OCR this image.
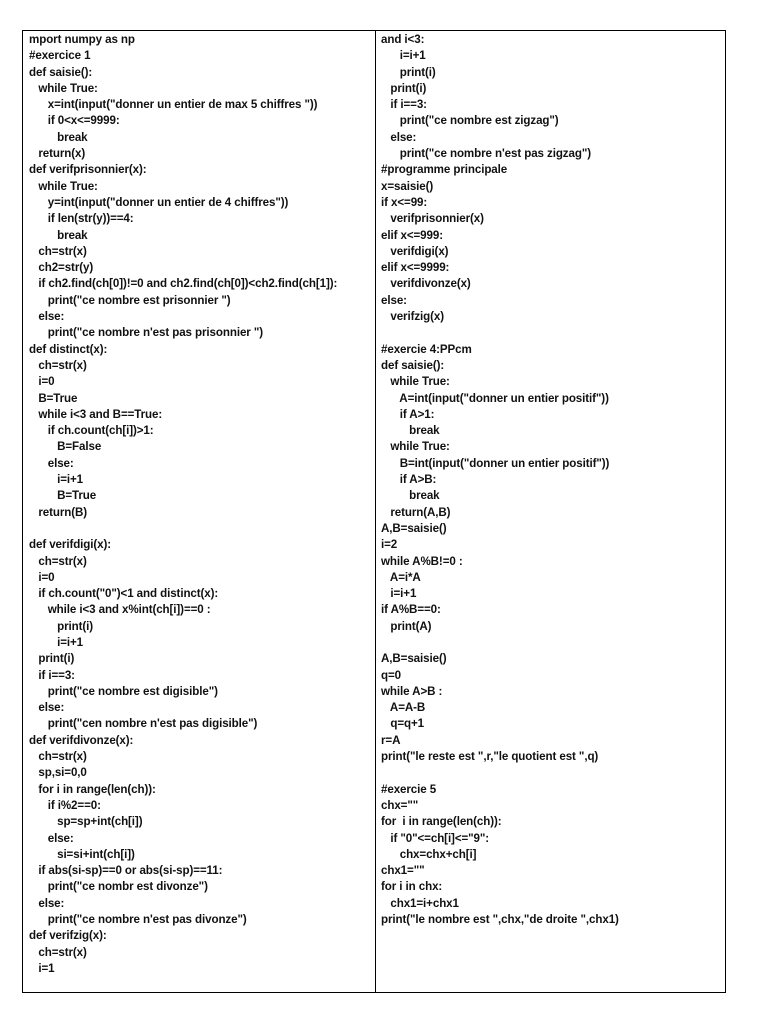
mport numpy as np
#exercice 1
def saisie():
while True:
x=int(input("donner un entier de max 5 chiffres "))
if 0<x<=9999:
break
return(x)
def verifprisonnier(x):
while True:
y=int(input("donner un entier de 4 chiffres"))
if len(str(y))==4:
break
ch=str(x)
ch2=str(y)
if ch2.find(ch[0])!=0 and ch2.find(ch[0])<ch2.find(ch[1]):
print("ce nombre est prisonnier ")
else:
print("ce nombre n'est pas prisonnier ")
def distinct(x):
ch=str(x)
i=0
B=True
while i<3 and B==True:
if ch.count(ch[i])>1:
B=False
else:
i=i+1
B=True
return(B)
def verifdigi(x):
ch=str(x)
i=0
if ch.count("0")<1 and distinct(x):
while i<3 and x%int(ch[i])==0 :
print(i)
i=i+1
print(i)
if i==3:
print("ce nombre est digisible")
else:
print("cen nombre n'est pas digisible")
def verifdivonze(x):
ch=str(x)
sp,si=0,0
for i in range(len(ch)):
if i%2==0:
sp=sp+int(ch[i])
else:
si=si+int(ch[i])
if abs(si-sp)==0 or abs(si-sp)==11:
print("ce nombr est divonze")
else:
print("ce nombre n'est pas divonze")
def verifzig(x):
ch=str(x)
i=1
and i<3:
i=i+1
print(i)
print(i)
if i==3:
print("ce nombre est zigzag")
else:
print("ce nombre n'est pas zigzag")
#programme principale
x=saisie()
if x<=99:
verifprisonnier(x)
elif x<=999:
verifdigi(x)
elif x<=9999:
verifdivonze(x)
else:
verifzig(x)
#exercie 4:PPcm
def saisie():
while True:
A=int(input("donner un entier positif"))
if A>1:
break
while True:
B=int(input("donner un entier positif"))
if A>B:
break
return(A,B)
A,B=saisie()
i=2
while A%B!=0 :
A=i*A
i=i+1
if A%B==0:
print(A)
A,B=saisie()
q=0
while A>B :
A=A-B
q=q+1
r=A
print("le reste est ",r,"le quotient est ",q)
#exercie 5
chx=""
for  i in range(len(ch)):
if "0"<=ch[i]<="9":
chx=chx+ch[i]
chx1=""
for i in chx:
chx1=i+chx1
print("le nombre est ",chx,"de droite ",chx1)
